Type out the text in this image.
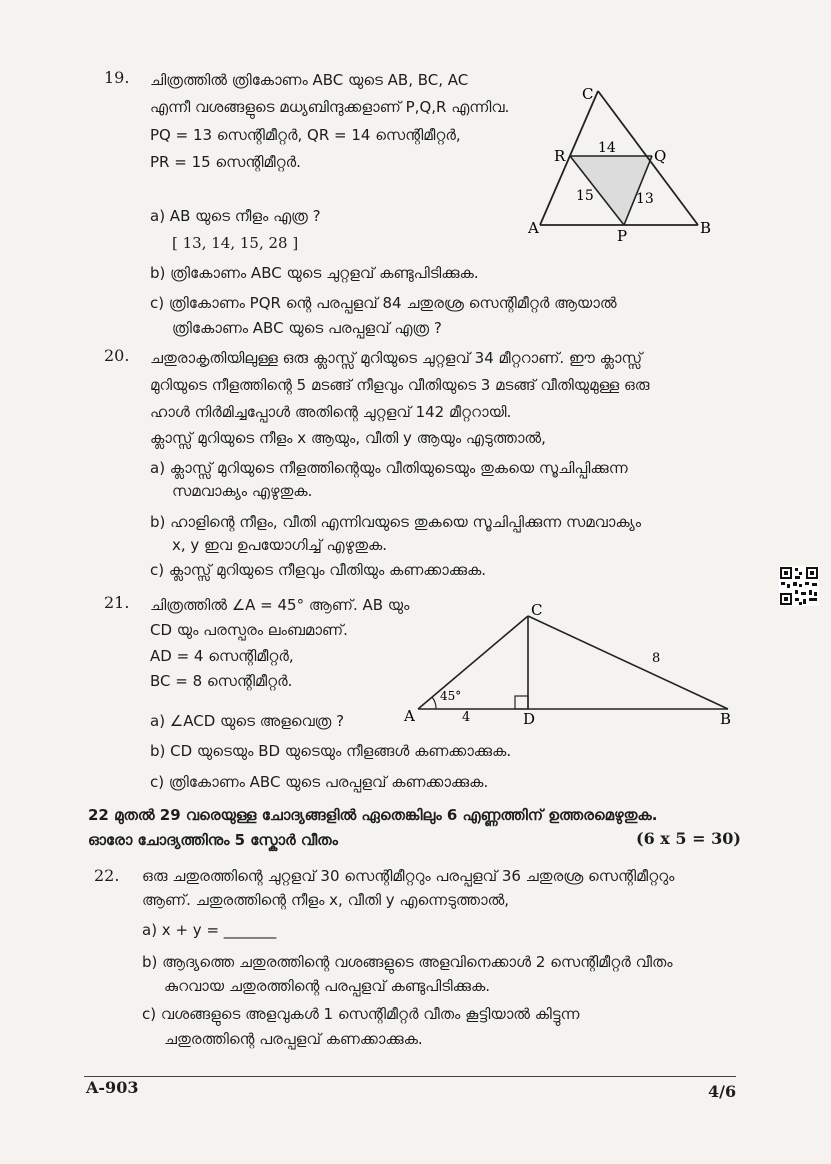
19. ചിത്രത്തിൽ ത്രികോണം ABC യുടെ AB, BC, AC
എന്നീ വശങ്ങളുടെ മധ്യബിന്ദുക്കളാണ് P,Q,R എന്നിവ.
PQ = 13 സെന്റിമീറ്റർ, QR = 14 സെന്റിമീറ്റർ,
PR = 15 സെന്റിമീറ്റർ.
a) AB യുടെ നീളം എത്ര ?
[ 13, 14, 15, 28 ]
b) ത്രികോണം ABC യുടെ ചുറ്റളവ് കണ്ടുപിടിക്കുക.
c) ത്രികോണം PQR ന്റെ പരപ്പളവ് 84 ചതുരശ്ര സെന്റിമീറ്റർ ആയാൽ
ത്രികോണം ABC യുടെ പരപ്പളവ് എത്ര ?
C
R	Q
A	P	B
14
15	13
20. ചതുരാകൃതിയിലുള്ള ഒരു ക്ലാസ്സ് മുറിയുടെ ചുറ്റളവ് 34 മീറ്ററാണ്. ഈ ക്ലാസ്സ്
മുറിയുടെ നീളത്തിന്റെ 5 മടങ്ങ് നീളവും വീതിയുടെ 3 മടങ്ങ് വീതിയുമുള്ള ഒരു
ഹാൾ നിർമിച്ചപ്പോൾ അതിന്റെ ചുറ്റളവ് 142 മീറ്ററായി.
ക്ലാസ്സ് മുറിയുടെ നീളം x ആയും, വീതി y ആയും എടുത്താൽ,
a) ക്ലാസ്സ് മുറിയുടെ നീളത്തിന്റെയും വീതിയുടെയും തുകയെ സൂചിപ്പിക്കുന്ന
സമവാക്യം എഴുതുക.
b) ഹാളിന്റെ നീളം, വീതി എന്നിവയുടെ തുകയെ സൂചിപ്പിക്കുന്ന സമവാക്യം
x, y ഇവ ഉപയോഗിച്ച് എഴുതുക.
c) ക്ലാസ്സ് മുറിയുടെ നീളവും വീതിയും കണക്കാക്കുക.
21. ചിത്രത്തിൽ ∠A = 45° ആണ്. AB യും
CD യും പരസ്പരം ലംബമാണ്.
AD = 4 സെന്റിമീറ്റർ,
BC = 8 സെന്റിമീറ്റർ.
a) ∠ACD യുടെ അളവെത്ര ?
b) CD യുടെയും BD യുടെയും നീളങ്ങൾ കണക്കാക്കുക.
c) ത്രികോണം ABC യുടെ പരപ്പളവ് കണക്കാക്കുക.
C
A	D	B
45°
4
8
22 മുതൽ 29 വരെയുള്ള ചോദ്യങ്ങളിൽ ഏതെങ്കിലും 6 എണ്ണത്തിന് ഉത്തരമെഴുതുക.
ഓരോ ചോദ്യത്തിനും 5 സ്കോർ വീതം	(6 x 5 = 30)
22. ഒരു ചതുരത്തിന്റെ ചുറ്റളവ് 30 സെന്റിമീറ്ററും പരപ്പളവ് 36 ചതുരശ്ര സെന്റിമീറ്ററും
ആണ്. ചതുരത്തിന്റെ നീളം x, വീതി y എന്നെടുത്താൽ,
a) x + y = _______
b) ആദ്യത്തെ ചതുരത്തിന്റെ വശങ്ങളുടെ അളവിനെക്കാൾ 2 സെന്റിമീറ്റർ വീതം
കുറവായ ചതുരത്തിന്റെ പരപ്പളവ് കണ്ടുപിടിക്കുക.
c) വശങ്ങളുടെ അളവുകൾ 1 സെന്റിമീറ്റർ വീതം കൂട്ടിയാൽ കിട്ടുന്ന
ചതുരത്തിന്റെ പരപ്പളവ് കണക്കാക്കുക.
A-903	4/6
